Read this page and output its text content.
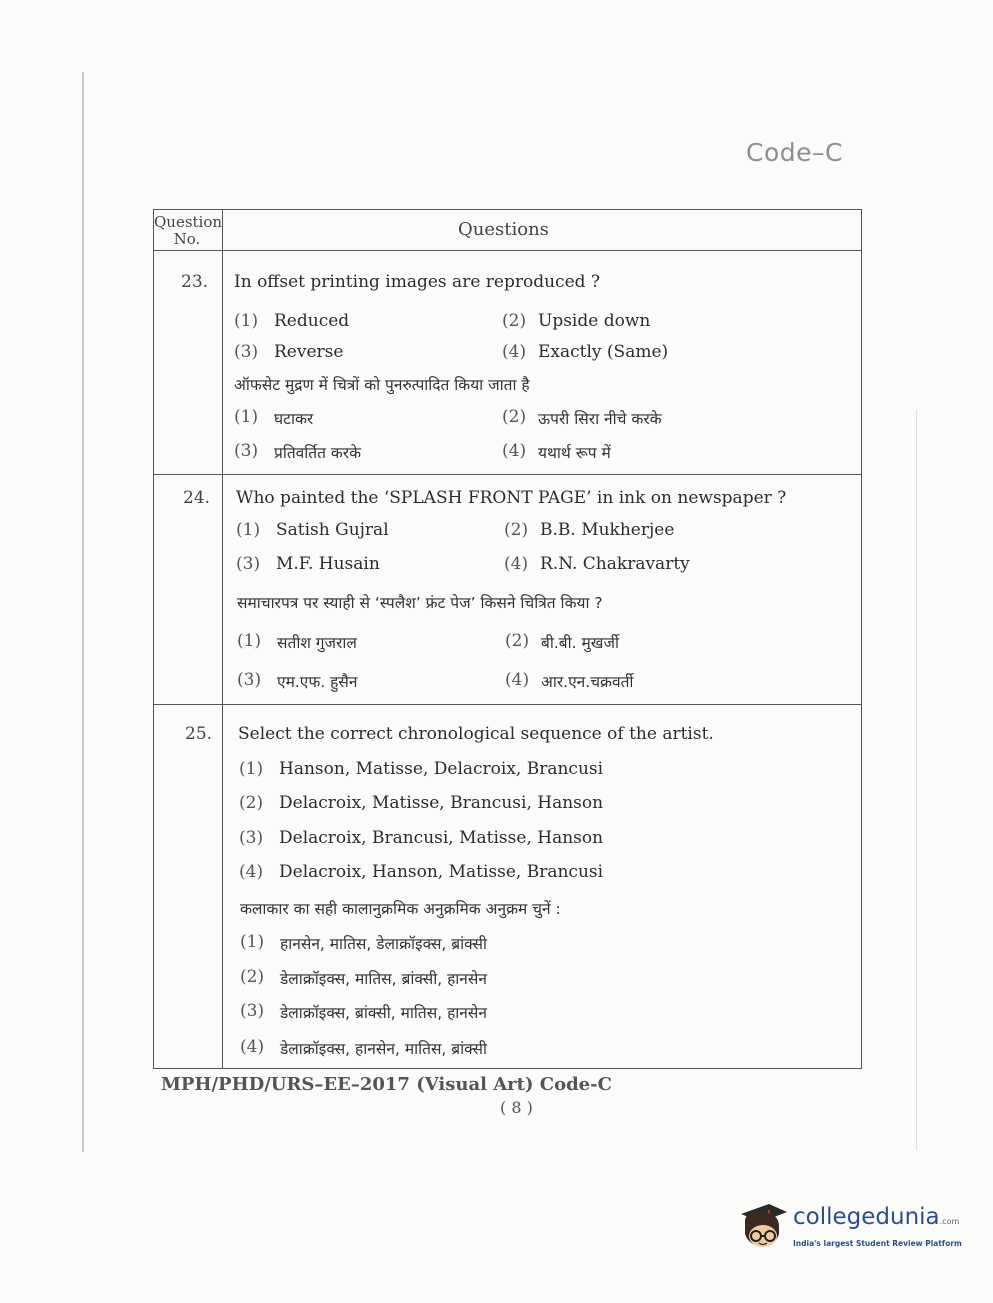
Code–C
Question
No.	Questions
23. In offset printing images are reproduced ?
(1) Reduced	(2) Upside down
(3) Reverse	(4) Exactly (Same)
ऑफसेट मुद्रण में चित्रों को पुनरुत्पादित किया जाता है
(1) घटाकर	(2) ऊपरी सिरा नीचे करके
(3) प्रतिवर्तित करके	(4) यथार्थ रूप में
24. Who painted the ‘SPLASH FRONT PAGE’ in ink on newspaper ?
(1) Satish Gujral	(2) B.B. Mukherjee
(3) M.F. Husain	(4) R.N. Chakravarty
समाचारपत्र पर स्याही से ‘स्पलैश’ फ्रंट पेज’ किसने चित्रित किया ?
(1) सतीश गुजराल	(2) बी.बी. मुखर्जी
(3) एम.एफ. हुसैन	(4) आर.एन.चक्रवर्ती
25. Select the correct chronological sequence of the artist.
(1) Hanson, Matisse, Delacroix, Brancusi
(2) Delacroix, Matisse, Brancusi, Hanson
(3) Delacroix, Brancusi, Matisse, Hanson
(4) Delacroix, Hanson, Matisse, Brancusi
कलाकार का सही कालानुक्रमिक अनुक्रमिक अनुक्रम चुनें :
(1) हानसेन, मातिस, डेलाक्रॉइक्स, ब्रांक्सी
(2) डेलाक्रॉइक्स, मातिस, ब्रांक्सी, हानसेन
(3) डेलाक्रॉइक्स, ब्रांक्सी, मातिस, हानसेन
(4) डेलाक्रॉइक्स, हानसेन, मातिस, ब्रांक्सी
MPH/PHD/URS–EE–2017 (Visual Art) Code-C
( 8 )
collegedunia.com
India's largest Student Review Platform
